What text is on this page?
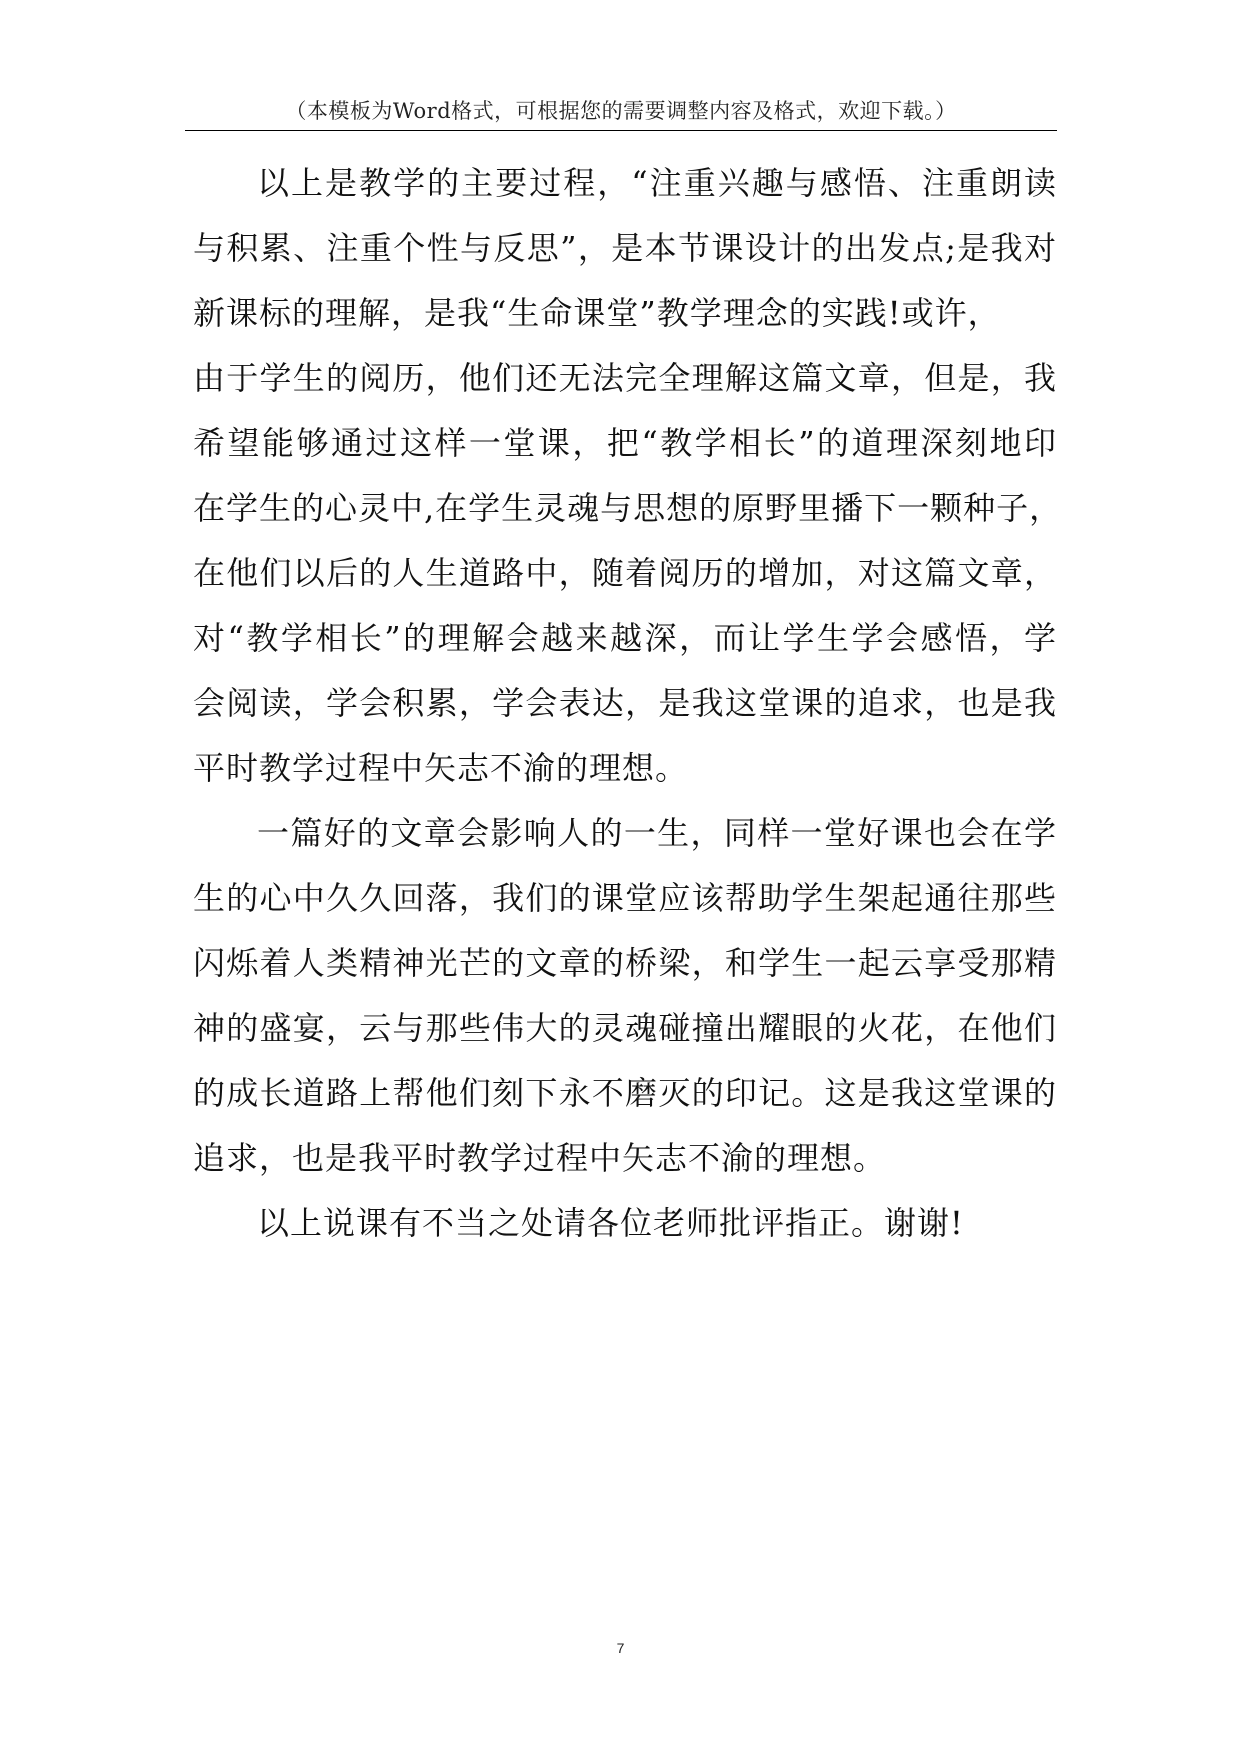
（本模板为Word格式，可根据您的需要调整内容及格式，欢迎下载。）
以上是教学的主要过程，“注重兴趣与感悟、注重朗读
与积累、注重个性与反思”，是本节课设计的出发点;是我对
新课标的理解，是我“生命课堂”教学理念的实践!或许，
由于学生的阅历，他们还无法完全理解这篇文章，但是，我
希望能够通过这样一堂课，把“教学相长”的道理深刻地印
在学生的心灵中,在学生灵魂与思想的原野里播下一颗种子，
在他们以后的人生道路中，随着阅历的增加，对这篇文章，
对“教学相长”的理解会越来越深，而让学生学会感悟，学
会阅读，学会积累，学会表达，是我这堂课的追求，也是我
平时教学过程中矢志不渝的理想。
一篇好的文章会影响人的一生，同样一堂好课也会在学
生的心中久久回落，我们的课堂应该帮助学生架起通往那些
闪烁着人类精神光芒的文章的桥梁，和学生一起云享受那精
神的盛宴，云与那些伟大的灵魂碰撞出耀眼的火花，在他们
的成长道路上帮他们刻下永不磨灭的印记。这是我这堂课的
追求，也是我平时教学过程中矢志不渝的理想。
以上说课有不当之处请各位老师批评指正。谢谢!
7
